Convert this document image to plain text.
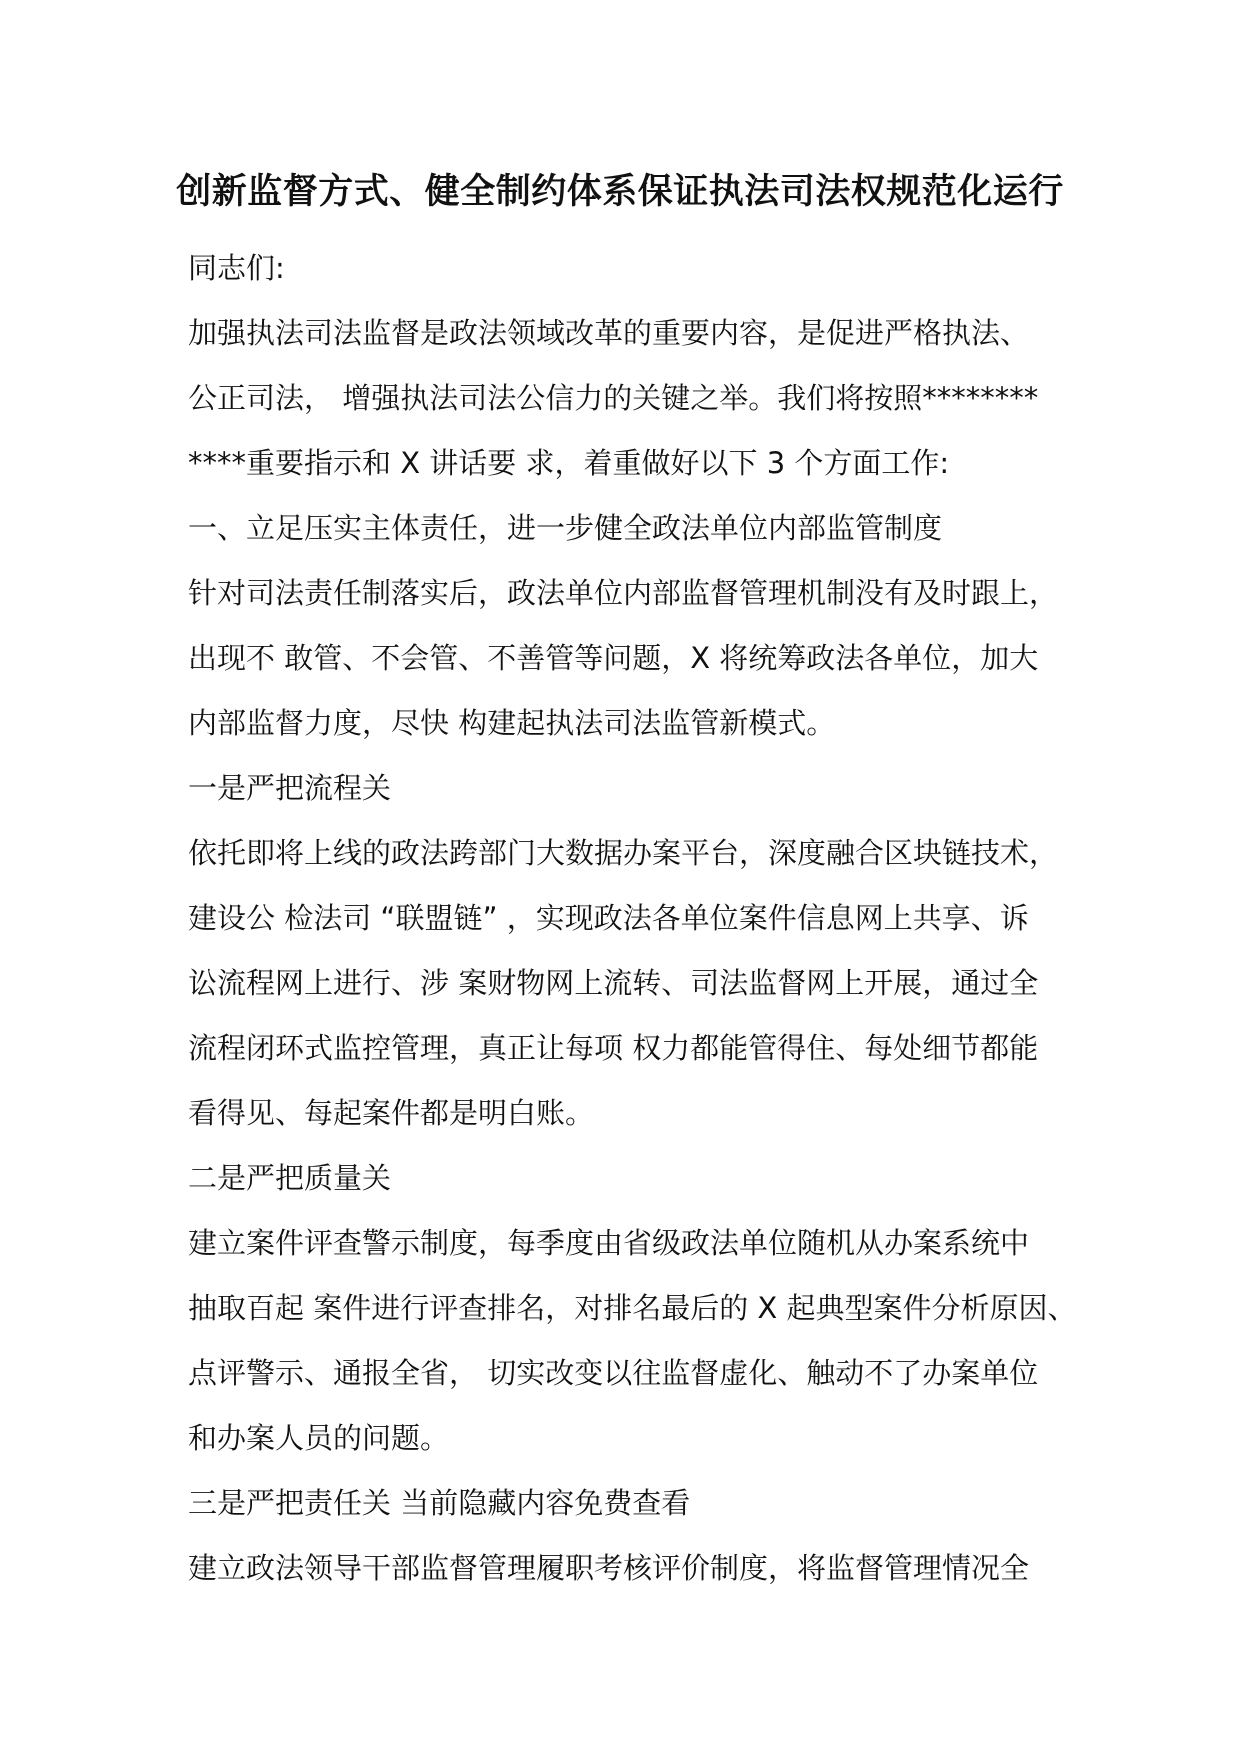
创新监督方式、健全制约体系保证执法司法权规范化运行

同志们:

加强执法司法监督是政法领域改革的重要内容，是促进严格执法、

公正司法， 增强执法司法公信力的关键之举。我们将按照********

****重要指示和 X 讲话要 求，着重做好以下 3 个方面工作:

一、立足压实主体责任，进一步健全政法单位内部监管制度

针对司法责任制落实后，政法单位内部监督管理机制没有及时跟上，

出现不 敢管、不会管、不善管等问题，X 将统筹政法各单位，加大

内部监督力度，尽快 构建起执法司法监管新模式。

一是严把流程关

依托即将上线的政法跨部门大数据办案平台，深度融合区块链技术，

建设公 检法司 “联盟链” ，实现政法各单位案件信息网上共享、诉

讼流程网上进行、涉 案财物网上流转、司法监督网上开展，通过全

流程闭环式监控管理，真正让每项 权力都能管得住、每处细节都能

看得见、每起案件都是明白账。

二是严把质量关

建立案件评查警示制度，每季度由省级政法单位随机从办案系统中

抽取百起 案件进行评查排名，对排名最后的 X 起典型案件分析原因、

点评警示、通报全省， 切实改变以往监督虚化、触动不了办案单位

和办案人员的问题。

三是严把责任关 当前隐藏内容免费查看

建立政法领导干部监督管理履职考核评价制度，将监督管理情况全
